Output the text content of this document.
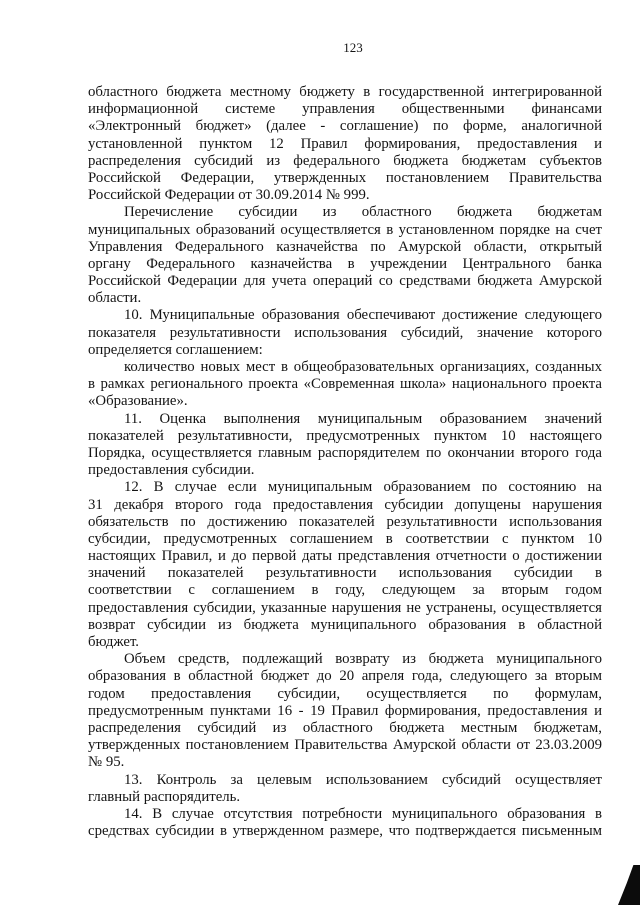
123
областного бюджета местному бюджету в государственной интегрированной
информационной системе управления общественными финансами
«Электронный бюджет» (далее - соглашение) по форме, аналогичной
установленной пунктом 12 Правил формирования, предоставления и
распределения субсидий из федерального бюджета бюджетам субъектов
Российской Федерации, утвержденных постановлением Правительства
Российской Федерации от 30.09.2014 № 999.
Перечисление субсидии из областного бюджета бюджетам
муниципальных образований осуществляется в установленном порядке на счет
Управления Федерального казначейства по Амурской области, открытый
органу Федерального казначейства в учреждении Центрального банка
Российской Федерации для учета операций со средствами бюджета Амурской
области.
10. Муниципальные образования обеспечивают достижение следующего
показателя результативности использования субсидий, значение которого
определяется соглашением:
количество новых мест в общеобразовательных организациях, созданных
в рамках регионального проекта «Современная школа» национального проекта
«Образование».
11. Оценка выполнения муниципальным образованием значений
показателей результативности, предусмотренных пунктом 10 настоящего
Порядка, осуществляется главным распорядителем по окончании второго года
предоставления субсидии.
12. В случае если муниципальным образованием по состоянию на
31 декабря второго года предоставления субсидии допущены нарушения
обязательств по достижению показателей результативности использования
субсидии, предусмотренных соглашением в соответствии с пунктом 10
настоящих Правил, и до первой даты представления отчетности о достижении
значений показателей результативности использования субсидии в
соответствии с соглашением в году, следующем за вторым годом
предоставления субсидии, указанные нарушения не устранены, осуществляется
возврат субсидии из бюджета муниципального образования в областной
бюджет.
Объем средств, подлежащий возврату из бюджета муниципального
образования в областной бюджет до 20 апреля года, следующего за вторым
годом предоставления субсидии, осуществляется по формулам,
предусмотренным пунктами 16 - 19 Правил формирования, предоставления и
распределения субсидий из областного бюджета местным бюджетам,
утвержденных постановлением Правительства Амурской области от 23.03.2009
№ 95.
13. Контроль за целевым использованием субсидий осуществляет
главный распорядитель.
14. В случае отсутствия потребности муниципального образования в
средствах субсидии в утвержденном размере, что подтверждается письменным
